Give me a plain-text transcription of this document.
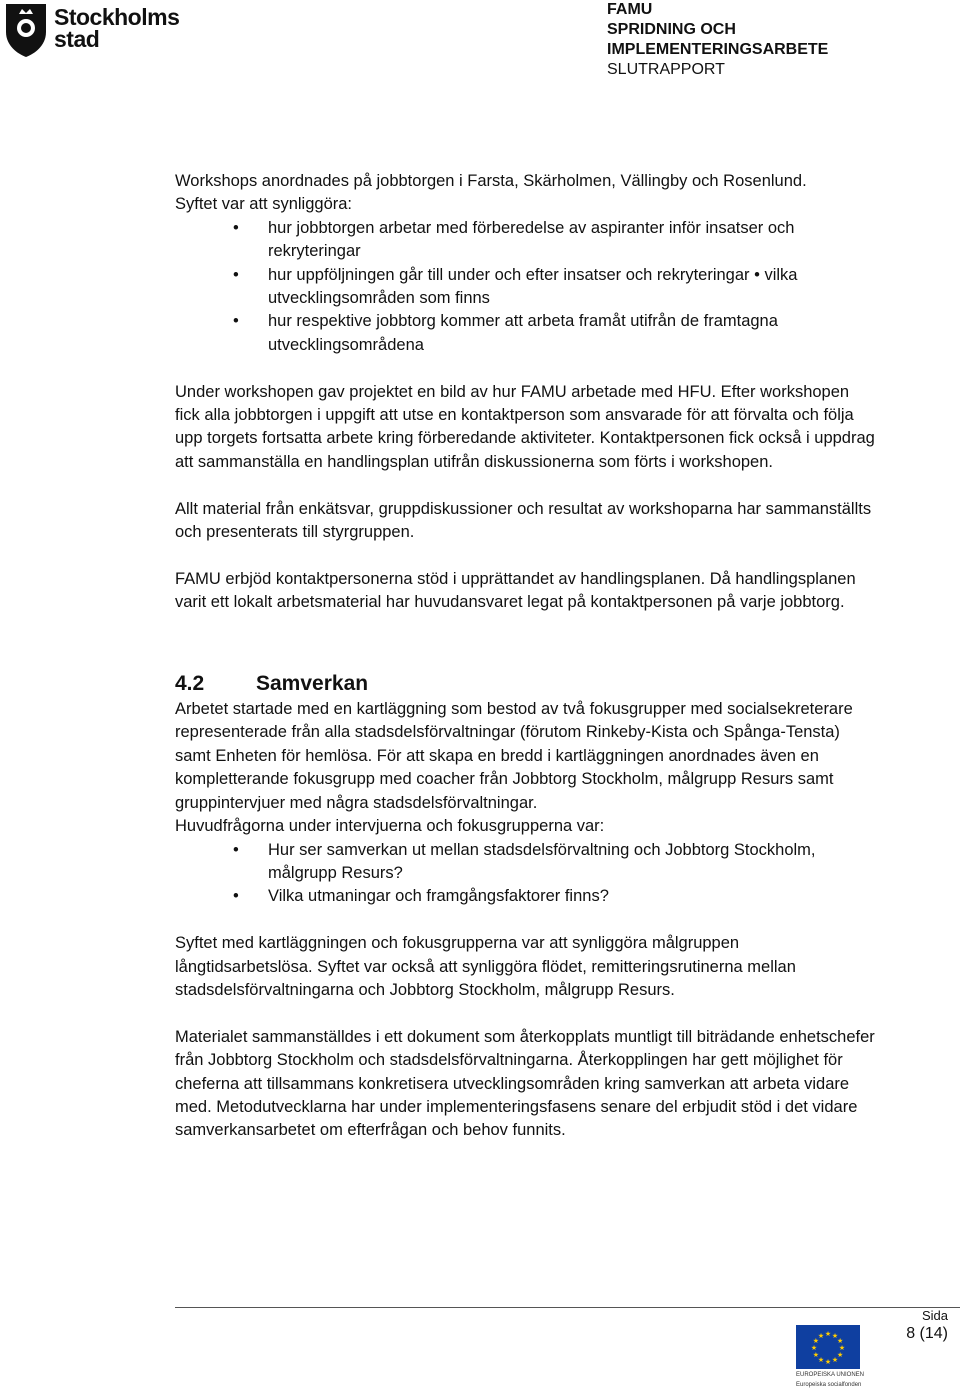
Stockholms
stad
FAMU
SPRIDNING OCH
IMPLEMENTERINGSARBETE
SLUTRAPPORT

Workshops anordnades på jobbtorgen i Farsta, Skärholmen, Vällingby och Rosenlund.

Syftet var att synliggöra:

• hur jobbtorgen arbetar med förberedelse av aspiranter inför insatser och rekryteringar
• hur uppföljningen går till under och efter insatser och rekryteringar • vilka utvecklingsområden som finns
• hur respektive jobbtorg kommer att arbeta framåt utifrån de framtagna utvecklingsområdena

Under workshopen gav projektet en bild av hur FAMU arbetade med HFU. Efter workshopen fick alla jobbtorgen i uppgift att utse en kontaktperson som ansvarade för att förvalta och följa upp torgets fortsatta arbete kring förberedande aktiviteter. Kontaktpersonen fick också i uppdrag att sammanställa en handlingsplan utifrån diskussionerna som förts i workshopen.

Allt material från enkätsvar, gruppdiskussioner och resultat av workshoparna har sammanställts och presenterats till styrgruppen.

FAMU erbjöd kontaktpersonerna stöd i upprättandet av handlingsplanen. Då handlingsplanen varit ett lokalt arbetsmaterial har huvudansvaret legat på kontaktpersonen på varje jobbtorg.

4.2 Samverkan

Arbetet startade med en kartläggning som bestod av två fokusgrupper med socialsekreterare representerade från alla stadsdelsförvaltningar (förutom Rinkeby-Kista och Spånga-Tensta) samt Enheten för hemlösa. För att skapa en bredd i kartläggningen anordnades även en kompletterande fokusgrupp med coacher från Jobbtorg Stockholm, målgrupp Resurs samt gruppintervjuer med några stadsdelsförvaltningar.

Huvudfrågorna under intervjuerna och fokusgrupperna var:

• Hur ser samverkan ut mellan stadsdelsförvaltning och Jobbtorg Stockholm, målgrupp Resurs?
• Vilka utmaningar och framgångsfaktorer finns?

Syftet med kartläggningen och fokusgrupperna var att synliggöra målgruppen långtidsarbetslösa. Syftet var också att synliggöra flödet, remitteringsrutinerna mellan stadsdelsförvaltningarna och Jobbtorg Stockholm, målgrupp Resurs.

Materialet sammanställdes i ett dokument som återkopplats muntligt till biträdande enhetschefer från Jobbtorg Stockholm och stadsdelsförvaltningarna. Återkopplingen har gett möjlighet för cheferna att tillsammans konkretisera utvecklingsområden kring samverkan att arbeta vidare med. Metodutvecklarna har under implementeringsfasens senare del erbjudit stöd i det vidare samverkansarbetet om efterfrågan och behov funnits.

Sida
8 (14)
★ ★
★
★
★
★
★
★
★
★
★
★
EUROPEISKA UNIONEN
Europeiska socialfonden
